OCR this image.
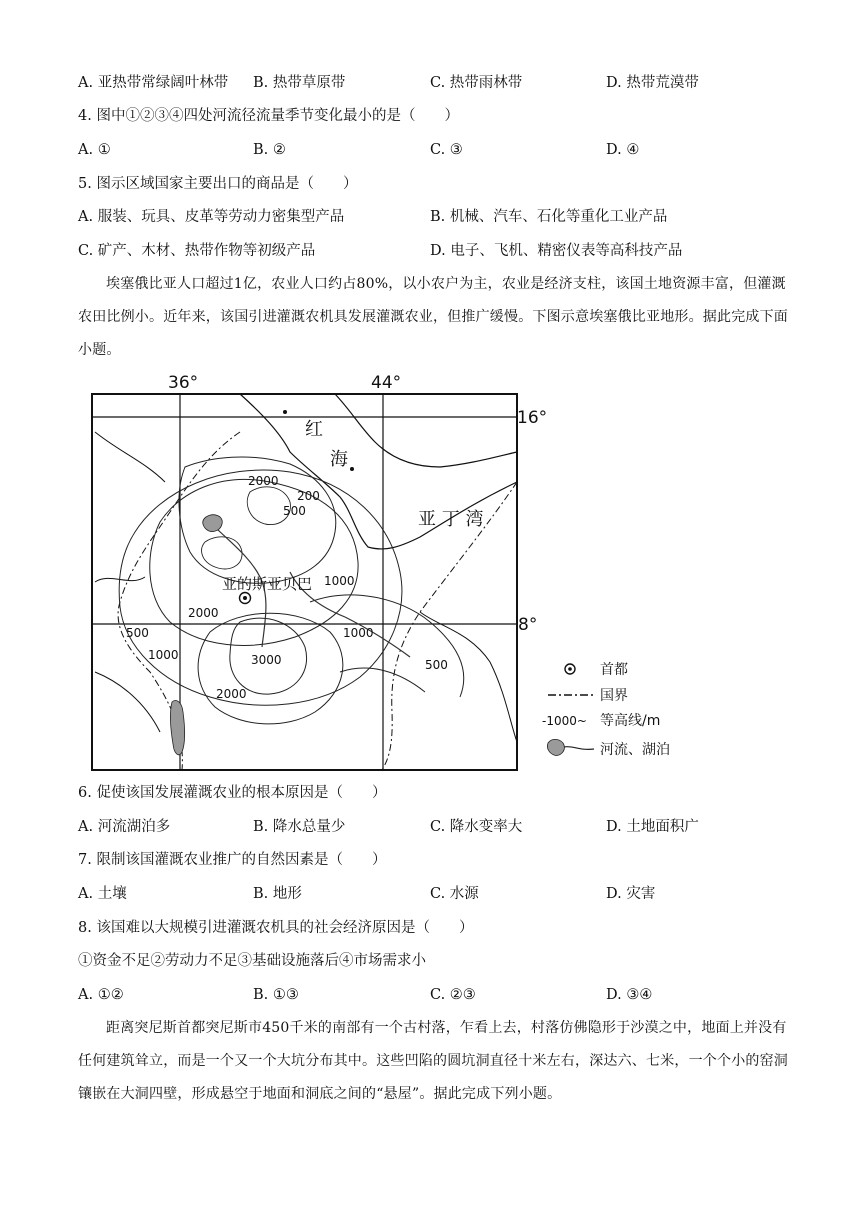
A. 亚热带常绿阔叶林带 B. 热带草原带	C. 热带雨林带	D. 热带荒漠带
4. 图中①②③④四处河流径流量季节变化最小的是（　　）
A. ①	B. ②	C. ③	D. ④
5. 图示区域国家主要出口的商品是（　　）
A. 服装、玩具、皮革等劳动力密集型产品	B. 机械、汽车、石化等重化工业产品
C. 矿产、木材、热带作物等初级产品	D. 电子、飞机、精密仪表等高科技产品

埃塞俄比亚人口超过1亿，农业人口约占80%，以小农户为主，农业是经济支柱，该国土地资源丰富，但灌溉农田比例小。近年来，该国引进灌溉农机具发展灌溉农业，但推广缓慢。下图示意埃塞俄比亚地形。据此完成下面小题。

36°	44°
16°
8°
红
海
亚 丁 湾
亚的斯亚贝巴
2000
200
500
1000
2000
500
1000
1000
3000	500
2000
首都
国界
-1000~ 等高线/m
河流、湖泊
6. 促使该国发展灌溉农业的根本原因是（　　）
A. 河流湖泊多	B. 降水总量少	C. 降水变率大	D. 土地面积广
7. 限制该国灌溉农业推广的自然因素是（　　）
A. 土壤	B. 地形	C. 水源	D. 灾害
8. 该国难以大规模引进灌溉农机具的社会经济原因是（　　）
①资金不足②劳动力不足③基础设施落后④市场需求小
A. ①②	B. ①③	C. ②③	D. ③④

距离突尼斯首都突尼斯市450千米的南部有一个古村落，乍看上去，村落仿佛隐形于沙漠之中，地面上并没有任何建筑耸立，而是一个又一个大坑分布其中。这些凹陷的圆坑洞直径十米左右，深达六、七米，一个个小的窑洞镶嵌在大洞四壁，形成悬空于地面和洞底之间的“悬屋”。据此完成下列小题。
